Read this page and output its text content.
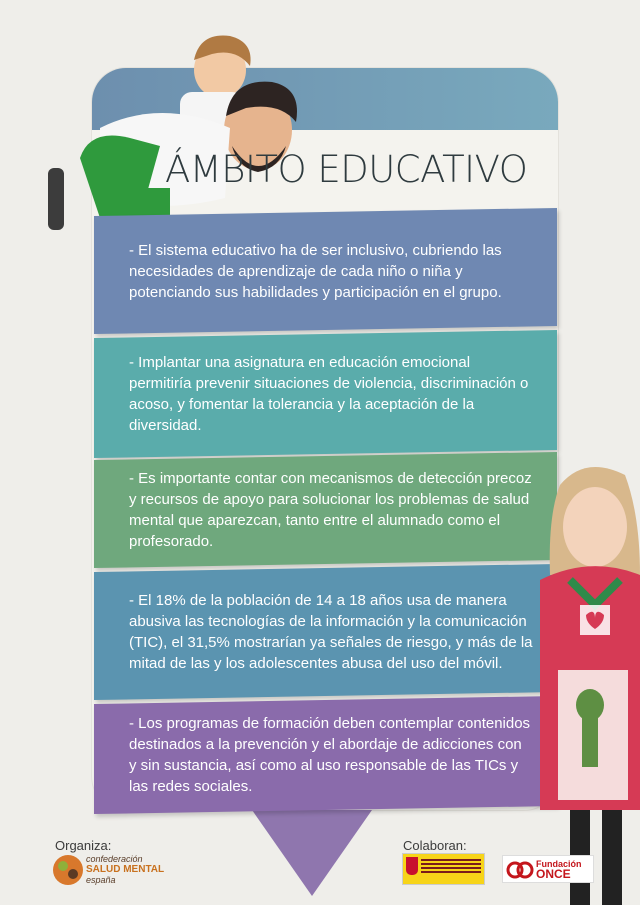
ÁMBITO EDUCATIVO

- El sistema educativo ha de ser inclusivo, cubriendo las necesidades de aprendizaje de cada niño o niña y potenciando sus habilidades y participación en el grupo.

- Implantar una asignatura en educación emocional permitiría prevenir situaciones de violencia, discriminación o acoso, y fomentar la tolerancia y la aceptación de la diversidad.

- Es importante contar con mecanismos de detección precoz y recursos de apoyo para solucionar los problemas de salud mental que aparezcan, tanto entre el alumnado como el profesorado.

- El 18% de la población de 14 a 18 años usa de manera abusiva las tecnologías de la información y la comunicación (TIC), el 31,5% mostrarían ya señales de riesgo, y más de la mitad de las y los adolescentes abusa del uso del móvil.

- Los programas de formación deben contemplar contenidos destinados a la prevención y el abordaje de adicciones con y sin sustancia, así como al uso responsable de las TICs y las redes sociales.

Organiza:
confederación
SALUD MENTAL
españa
Colaboran:
Fundación
ONCE
